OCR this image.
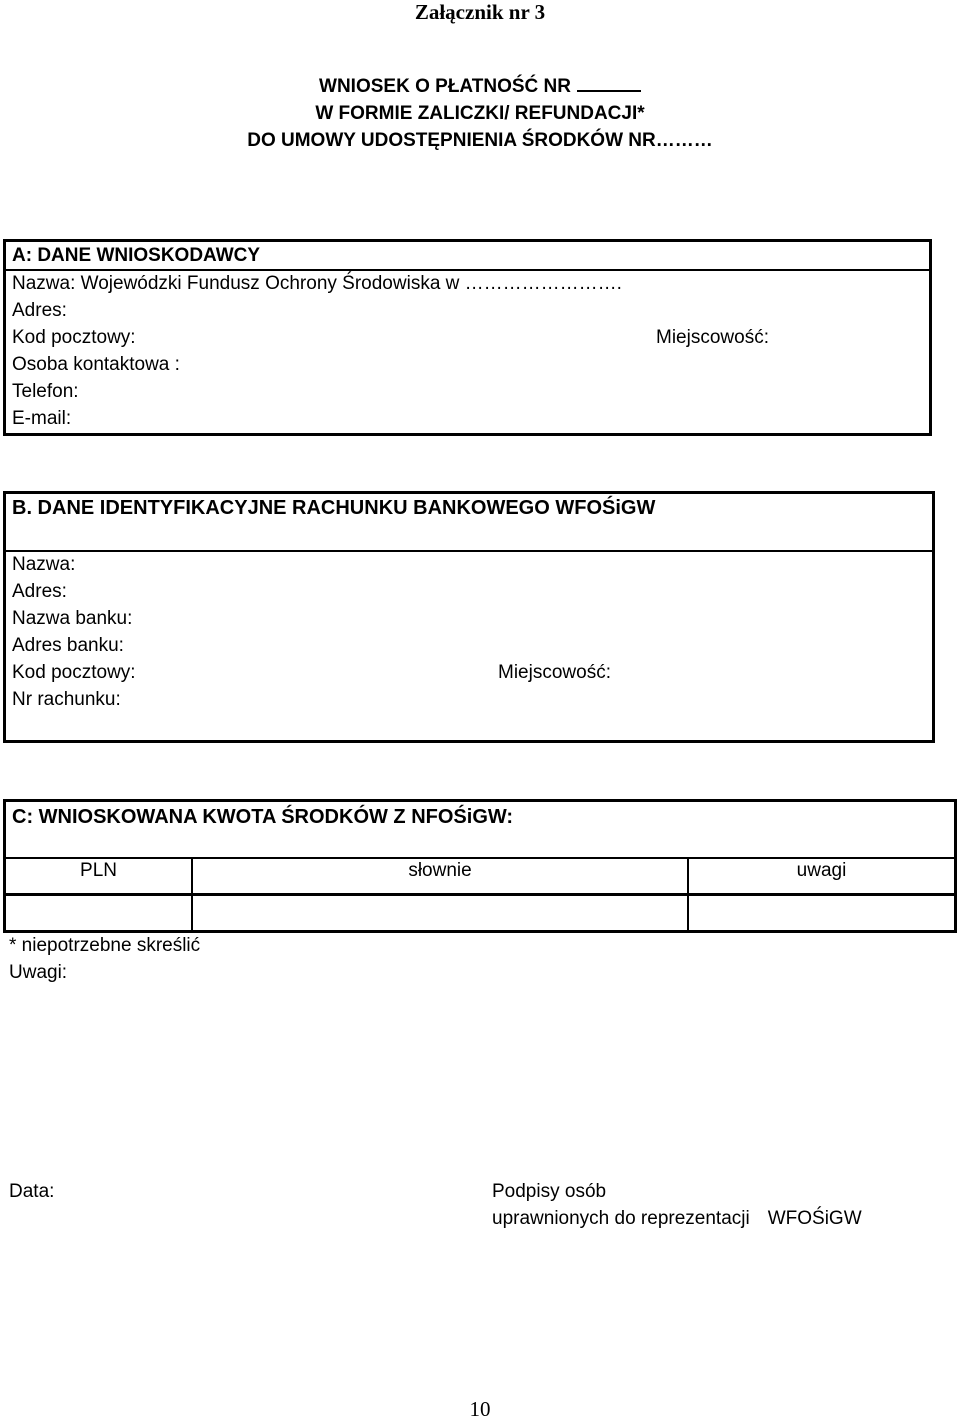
Załącznik nr 3
WNIOSEK O PŁATNOŚĆ NR
W FORMIE ZALICZKI/ REFUNDACJI*
DO UMOWY UDOSTĘPNIENIA ŚRODKÓW NR………
A: DANE WNIOSKODAWCY
Nazwa: Wojewódzki Fundusz Ochrony Środowiska w …………………….
Adres:
Kod pocztowy:	Miejscowość:
Osoba kontaktowa :
Telefon:
E-mail:
B. DANE IDENTYFIKACYJNE RACHUNKU BANKOWEGO WFOŚiGW
Nazwa:
Adres:
Nazwa banku:
Adres banku:
Kod pocztowy:	Miejscowość:
Nr rachunku:
C: WNIOSKOWANA KWOTA ŚRODKÓW Z NFOŚiGW:
PLN	słownie	uwagi
* niepotrzebne skreślić
Uwagi:
Data:	Podpisy osób
uprawnionych do reprezentacji WFOŚiGW
10
